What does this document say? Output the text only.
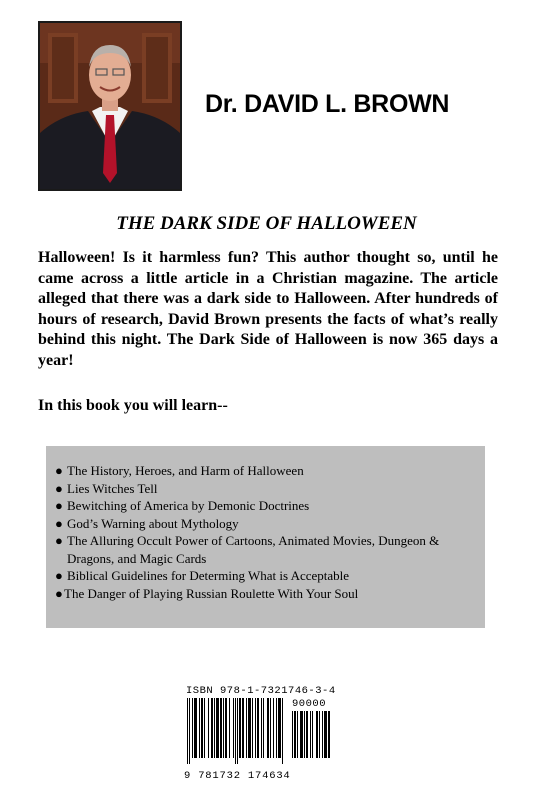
Dr. DAVID L. BROWN
THE DARK SIDE OF HALLOWEEN

Halloween! Is it harmless fun? This author thought so, until he came across a little article in a Christian magazine. The article alleged that there was a dark side to Halloween. After hundreds of hours of research, David Brown presents the facts of what’s really behind this night. The Dark Side of Halloween is now 365 days a year!

In this book you will learn--

● The History, Heroes, and Harm of Halloween
● Lies Witches Tell
● Bewitching of America by Demonic Doctrines
● God’s Warning about Mythology
● The Alluring Occult Power of Cartoons, Animated Movies, Dungeon & Dragons, and Magic Cards
● Biblical Guidelines for Determing What is Acceptable
● The Danger of Playing Russian Roulette With Your Soul
ISBN 978-1-7321746-3-4
90000
9 781732 174634
